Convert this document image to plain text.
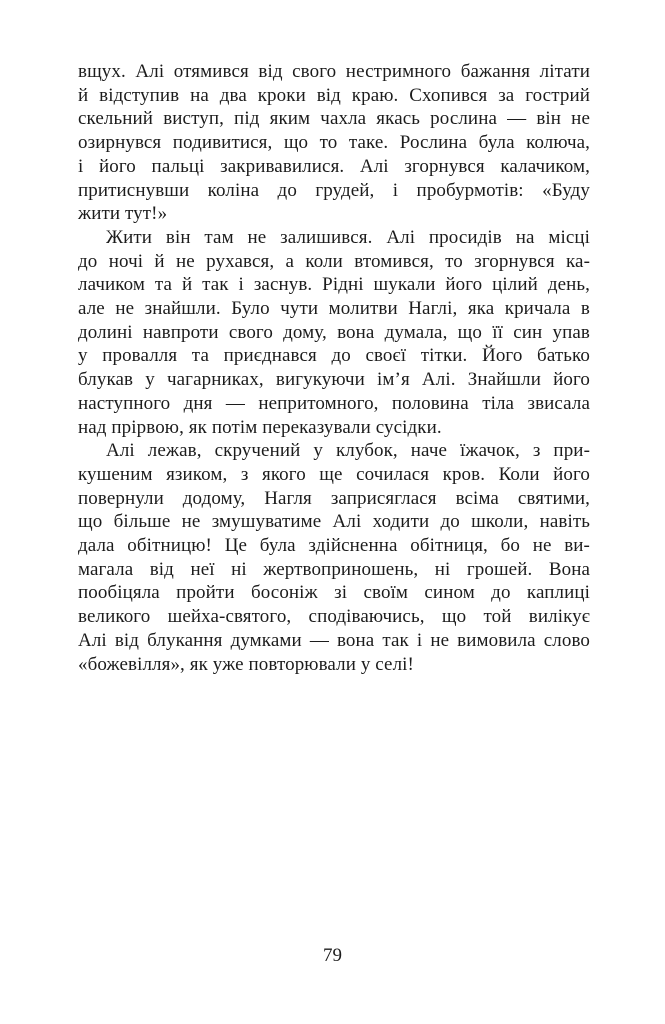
вщух. Алі отямився від свого нестримного бажання літати
й відступив на два кроки від краю. Схопився за гострий
скельний виступ, під яким чахла якась рослина — він не
озирнувся подивитися, що то таке. Рослина була колюча,
і його пальці закривавилися. Алі згорнувся калачиком,
притиснувши коліна до грудей, і пробурмотів: «Буду
жити тут!»
Жити він там не залишився. Алі просидів на місці
до ночі й не рухався, а коли втомився, то згорнувся ка-
лачиком та й так і заснув. Рідні шукали його цілий день,
але не знайшли. Було чути молитви Наглі, яка кричала в
долині навпроти свого дому, вона думала, що її син упав
у провалля та приєднався до своєї тітки. Його батько
блукав у чагарниках, вигукуючи ім’я Алі. Знайшли його
наступного дня — непритомного, половина тіла звисала
над прірвою, як потім переказували сусідки.
Алі лежав, скручений у клубок, наче їжачок, з при-
кушеним язиком, з якого ще сочилася кров. Коли його
повернули додому, Нагля заприсяглася всіма святими,
що більше не змушуватиме Алі ходити до школи, навіть
дала обітницю! Це була здійсненна обітниця, бо не ви-
магала від неї ні жертвоприношень, ні грошей. Вона
пообіцяла пройти босоніж зі своїм сином до каплиці
великого шейха-святого, сподіваючись, що той вилікує
Алі від блукання думками — вона так і не вимовила слово
«божевілля», як уже повторювали у селі!
79
